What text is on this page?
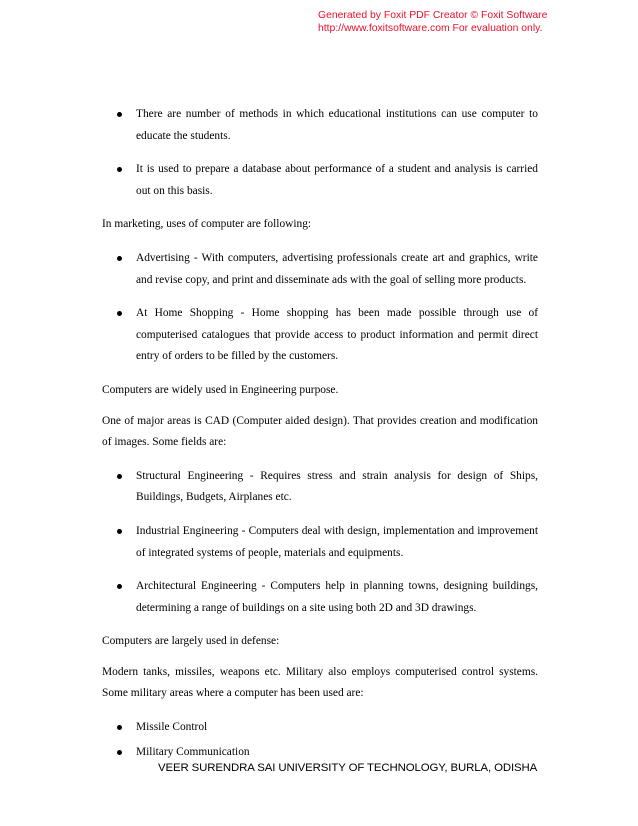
Generated by Foxit PDF Creator © Foxit Software
http://www.foxitsoftware.com For evaluation only.
There are number of methods in which educational institutions can use computer to educate the students.
It is used to prepare a database about performance of a student and analysis is carried out on this basis.

In marketing, uses of computer are following:

Advertising - With computers, advertising professionals create art and graphics, write and revise copy, and print and disseminate ads with the goal of selling more products.
At Home Shopping - Home shopping has been made possible through use of computerised catalogues that provide access to product information and permit direct entry of orders to be filled by the customers.

Computers are widely used in Engineering purpose.

One of major areas is CAD (Computer aided design). That provides creation and modification of images. Some fields are:

Structural Engineering - Requires stress and strain analysis for design of Ships, Buildings, Budgets, Airplanes etc.
Industrial Engineering - Computers deal with design, implementation and improvement of integrated systems of people, materials and equipments.
Architectural Engineering - Computers help in planning towns, designing buildings, determining a range of buildings on a site using both 2D and 3D drawings.

Computers are largely used in defense:

Modern tanks, missiles, weapons etc. Military also employs computerised control systems. Some military areas where a computer has been used are:

Missile Control
Military Communication
VEER SURENDRA SAI UNIVERSITY OF TECHNOLOGY, BURLA, ODISHA
